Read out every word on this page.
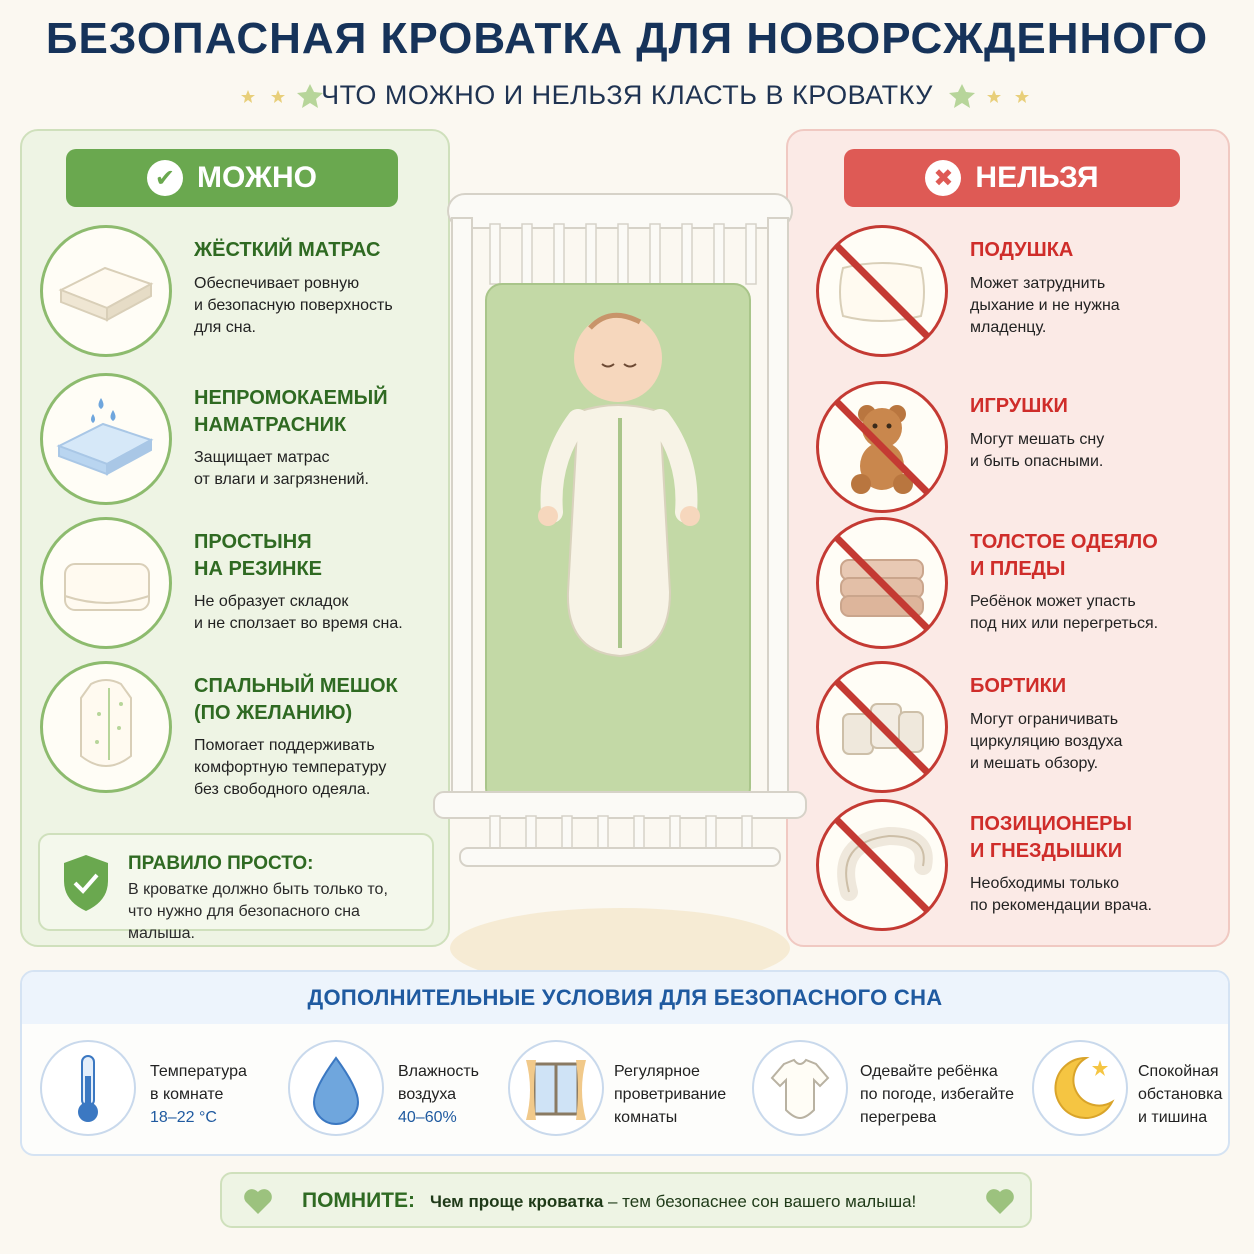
БЕЗОПАСНАЯ КРОВАТКА ДЛЯ НОВОРСЖДЕННОГО
ЧТО МОЖНО И НЕЛЬЗЯ КЛАСТЬ В КРОВАТКУ
✔ МОЖНО
ЖЁСТКИЙ МАТРАС
Обеспечивает ровную
и безопасную поверхность
для сна.
НЕПРОМОКАЕМЫЙ
НАМАТРАСНИК
Защищает матрас
от влаги и загрязнений.
ПРОСТЫНЯ
НА РЕЗИНКЕ
Не образует складок
и не сползает во время сна.
СПАЛЬНЫЙ МЕШОК
(ПО ЖЕЛАНИЮ)
Помогает поддерживать
комфортную температуру
без свободного одеяла.
ПРАВИЛО ПРОСТО:
В кроватке должно быть только то,
что нужно для безопасного сна малыша.
✖ НЕЛЬЗЯ
ПОДУШКА
Может затруднить
дыхание и не нужна
младенцу.
ИГРУШКИ
Могут мешать сну
и быть опасными.
ТОЛСТОЕ ОДЕЯЛО
И ПЛЕДЫ
Ребёнок может упасть
под них или перегреться.
БОРТИКИ
Могут ограничивать
циркуляцию воздуха
и мешать обзору.
ПОЗИЦИОНЕРЫ
И ГНЕЗДЫШКИ
Необходимы только
по рекомендации врача.
ДОПОЛНИТЕЛЬНЫЕ УСЛОВИЯ ДЛЯ БЕЗОПАСНОГО СНА
Температура
в комнате
18–22 °С
Влажность
воздуха
40–60%
Регулярное
проветривание
комнаты
Одевайте ребёнка
по погоде, избегайте
перегрева
Спокойная
обстановка
и тишина
ПОМНИТЕ: Чем проще кроватка – тем безопаснее сон вашего малыша!
